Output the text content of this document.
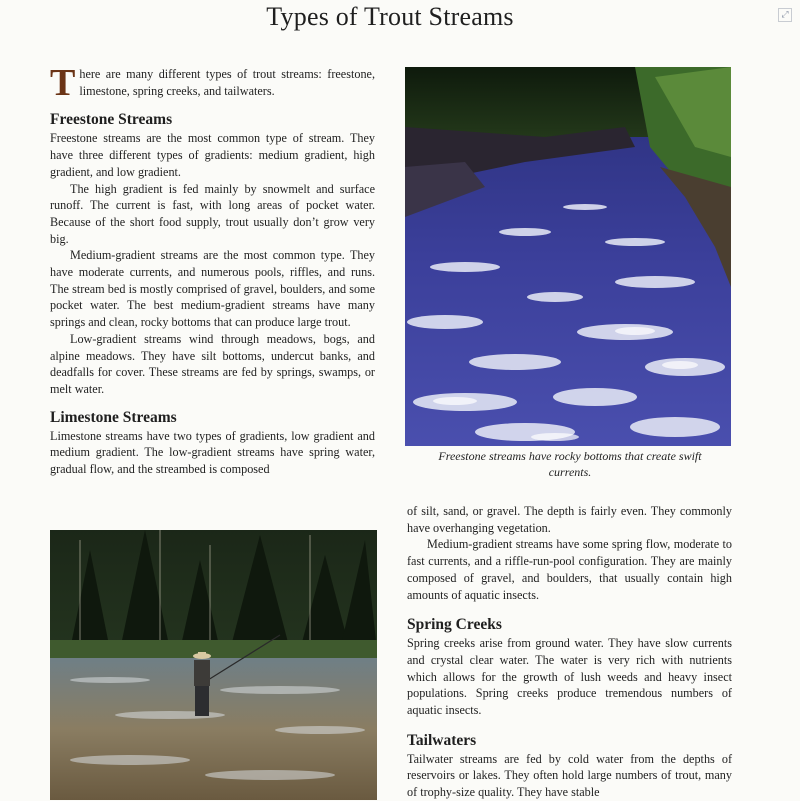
Types of Trout Streams	⤢

There are many different types of trout streams: freestone, limestone, spring creeks, and tailwaters.

Freestone Streams

Freestone streams are the most common type of stream. They have three different types of gradients: medium gradient, high gradient, and low gradient.

The high gradient is fed mainly by snowmelt and surface runoff. The current is fast, with long areas of pocket water. Because of the short food supply, trout usually don’t grow very big.

Medium-gradient streams are the most common type. They have moderate currents, and numerous pools, riffles, and runs. The stream bed is mostly comprised of gravel, boulders, and some pocket water. The best medium-gradient streams have many springs and clean, rocky bottoms that can produce large trout.

Low-gradient streams wind through meadows, bogs, and alpine meadows. They have silt bottoms, undercut banks, and deadfalls for cover. These streams are fed by springs, swamps, or melt water.

Limestone Streams

Limestone streams have two types of gradients, low gradient and medium gradient. The low-gradient streams have spring water, gradual flow, and the streambed is composed

Freestone streams have rocky bottoms that create swift currents.

of silt, sand, or gravel. The depth is fairly even. They commonly have overhanging vegetation.

Medium-gradient streams have some spring flow, moderate to fast currents, and a riffle-run-pool configuration. They are mainly composed of gravel, and boulders, that usually contain high amounts of aquatic insects.

Spring Creeks

Spring creeks arise from ground water. They have slow currents and crystal clear water. The water is very rich with nutrients which allows for the growth of lush weeds and heavy insect populations. Spring creeks produce tremendous numbers of aquatic insects.

Tailwaters

Tailwater streams are fed by cold water from the depths of reservoirs or lakes. They often hold large numbers of trout, many of trophy-size quality. They have stable
